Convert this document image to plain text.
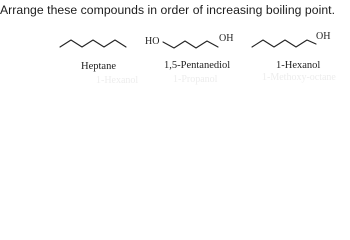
Arrange these compounds in order of increasing boiling point.
HO	OH	OH
Heptane	1,5-Pentanediol	1-Hexanol
1-Hexanol	1-Propanol	1-Methoxy-octane
